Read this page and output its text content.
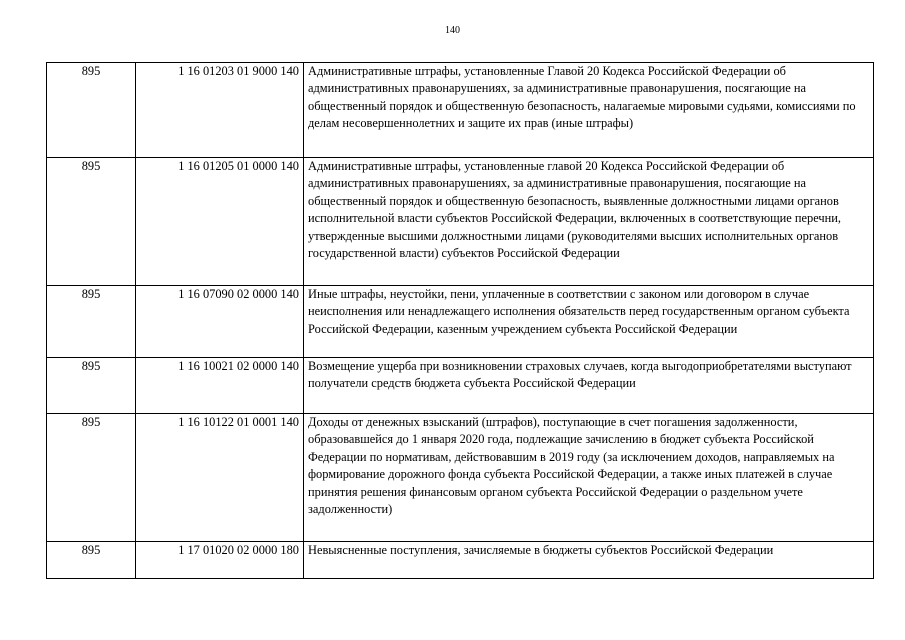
140
895	1 16 01203 01 9000 140	Административные штрафы, установленные Главой 20 Кодекса Российской Федерации об административных правонарушениях, за административные правонарушения, посягающие на общественный порядок и общественную безопасность, налагаемые мировыми судьями, комиссиями по делам несовершеннолетних и защите их прав (иные штрафы)
895	1 16 01205 01 0000 140	Административные штрафы, установленные главой 20 Кодекса Российской Федерации об административных правонарушениях, за административные правонарушения, посягающие на общественный порядок и общественную безопасность, выявленные должностными лицами органов исполнительной власти субъектов Российской Федерации, включенных в соответствующие перечни, утвержденные высшими должностными лицами (руководителями высших исполнительных органов государственной власти) субъектов Российской Федерации
895	1 16 07090 02 0000 140	Иные штрафы, неустойки, пени, уплаченные в соответствии с законом или договором в случае неисполнения или ненадлежащего исполнения обязательств перед государственным органом субъекта Российской Федерации, казенным учреждением субъекта Российской Федерации
895	1 16 10021 02 0000 140	Возмещение ущерба при возникновении страховых случаев, когда выгодоприобретателями выступают получатели средств бюджета субъекта Российской Федерации
895	1 16 10122 01 0001 140	Доходы от денежных взысканий (штрафов), поступающие в счет погашения задолженности, образовавшейся до 1 января 2020 года, подлежащие зачислению в бюджет субъекта Российской Федерации по нормативам, действовавшим в 2019 году (за исключением доходов, направляемых на формирование дорожного фонда субъекта Российской Федерации, а также иных платежей в случае принятия решения финансовым органом субъекта Российской Федерации о раздельном учете задолженности)
895	1 17 01020 02 0000 180	Невыясненные поступления, зачисляемые в бюджеты субъектов Российской Федерации
